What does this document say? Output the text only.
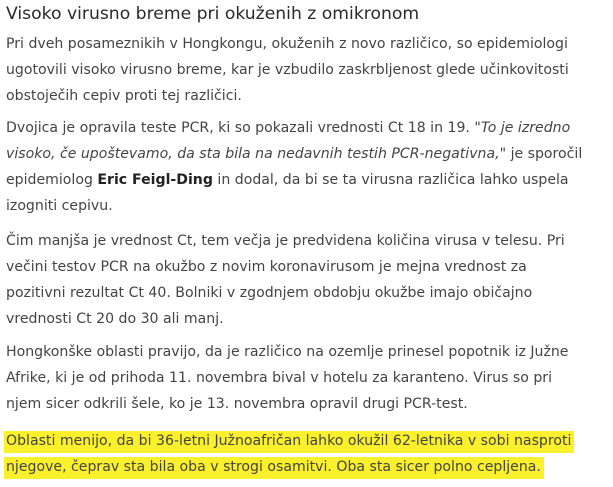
Visoko virusno breme pri okuženih z omikronom

Pri dveh posameznikih v Hongkongu, okuženih z novo različico, so epidemiologi
ugotovili visoko virusno breme, kar je vzbudilo zaskrbljenost glede učinkovitosti
obstoječih cepiv proti tej različici.

Dvojica je opravila teste PCR, ki so pokazali vrednosti Ct 18 in 19. "To je izredno
visoko, če upoštevamo, da sta bila na nedavnih testih PCR-negativna," je sporočil
epidemiolog Eric Feigl-Ding in dodal, da bi se ta virusna različica lahko uspela
izogniti cepivu.

Čim manjša je vrednost Ct, tem večja je predvidena količina virusa v telesu. Pri
večini testov PCR na okužbo z novim koronavirusom je mejna vrednost za
pozitivni rezultat Ct 40. Bolniki v zgodnjem obdobju okužbe imajo običajno
vrednosti Ct 20 do 30 ali manj.

Hongkonške oblasti pravijo, da je različico na ozemlje prinesel popotnik iz Južne
Afrike, ki je od prihoda 11. novembra bival v hotelu za karanteno. Virus so pri
njem sicer odkrili šele, ko je 13. novembra opravil drugi PCR-test.

Oblasti menijo, da bi 36-letni Južnoafričan lahko okužil 62-letnika v sobi nasproti
njegove, čeprav sta bila oba v strogi osamitvi. Oba sta sicer polno cepljena.
